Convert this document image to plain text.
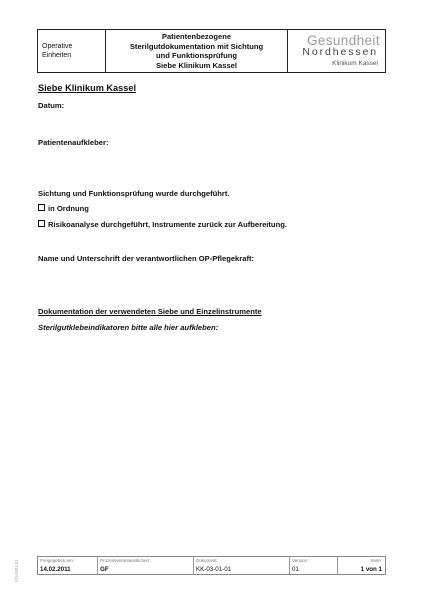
Operative
Einheiten
Patientenbezogene
Sterilgutdokumentation mit Sichtung
und Funktionsprüfung
Siebe Klinikum Kassel
Gesundheit
Nordhessen
Klinikum Kassel
Siebe Klinikum Kassel
Datum:
Patientenaufkleber:
Sichtung und Funktionsprüfung wurde durchgeführt.
in Ordnung
Risikoanalyse durchgeführt, Instrumente zurück zur Aufbereitung.
Name und Unterschrift der verantwortlichen OP-Pflegekraft:
Dokumentation der verwendeten Siebe und Einzelinstrumente
Sterilgutklebeindikatoren bitte alle hier aufkleben:
FO-0001-01	Freigegeben am:
14.02.2011
Prozessverantwortliche/r:
GF
Dokument:
KK-03-01-01
Version:
01
Seite:
1 von 1
